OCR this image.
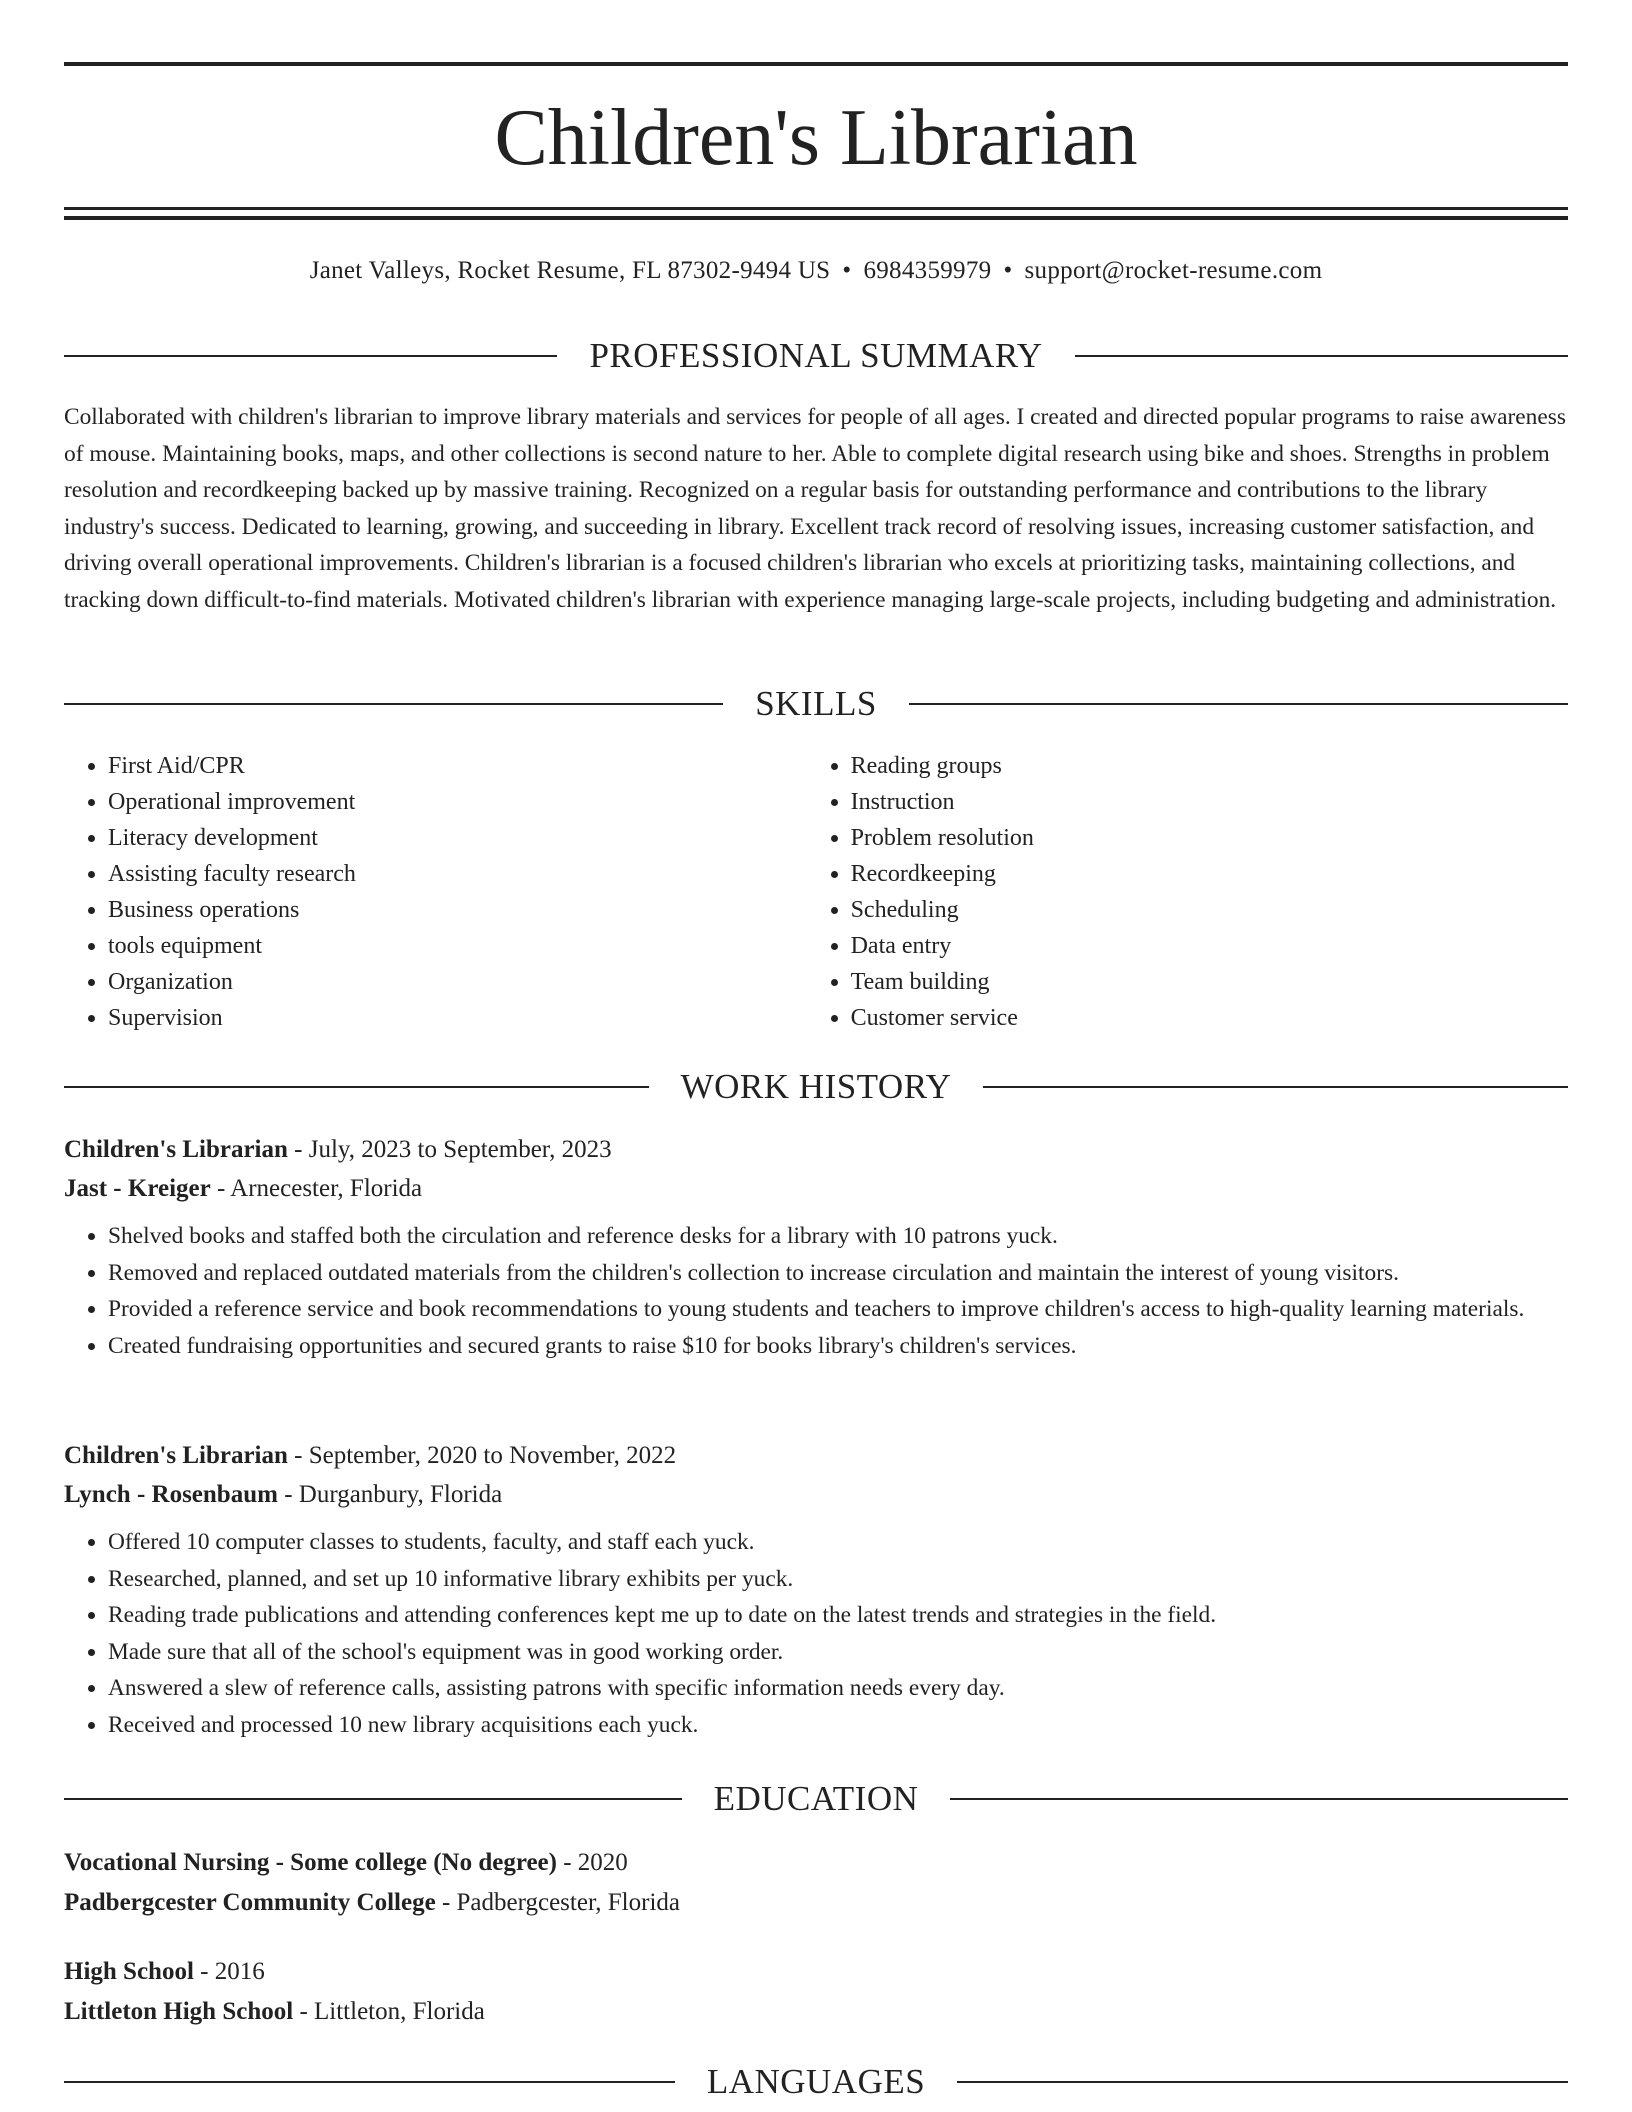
Children's Librarian
Janet Valleys, Rocket Resume, FL 87302-9494 US • 6984359979 • support@rocket-resume.com
PROFESSIONAL SUMMARY

Collaborated with children's librarian to improve library materials and services for people of all ages. I created and directed popular programs to raise awareness of mouse. Maintaining books, maps, and other collections is second nature to her. Able to complete digital research using bike and shoes. Strengths in problem resolution and recordkeeping backed up by massive training. Recognized on a regular basis for outstanding performance and contributions to the library industry's success. Dedicated to learning, growing, and succeeding in library. Excellent track record of resolving issues, increasing customer satisfaction, and driving overall operational improvements. Children's librarian is a focused children's librarian who excels at prioritizing tasks, maintaining collections, and tracking down difficult-to-find materials. Motivated children's librarian with experience managing large-scale projects, including budgeting and administration.

SKILLS
• First Aid/CPR
• Operational improvement
• Literacy development
• Assisting faculty research
• Business operations
• tools equipment
• Organization
• Supervision
• Reading groups
• Instruction
• Problem resolution
• Recordkeeping
• Scheduling
• Data entry
• Team building
• Customer service
WORK HISTORY
Children's Librarian - July, 2023 to September, 2023
Jast - Kreiger - Arnecester, Florida
• Shelved books and staffed both the circulation and reference desks for a library with 10 patrons yuck.
• Removed and replaced outdated materials from the children's collection to increase circulation and maintain the interest of young visitors.
• Provided a reference service and book recommendations to young students and teachers to improve children's access to high-quality learning materials.
• Created fundraising opportunities and secured grants to raise $10 for books library's children's services.
Children's Librarian - September, 2020 to November, 2022
Lynch - Rosenbaum - Durganbury, Florida
• Offered 10 computer classes to students, faculty, and staff each yuck.
• Researched, planned, and set up 10 informative library exhibits per yuck.
• Reading trade publications and attending conferences kept me up to date on the latest trends and strategies in the field.
• Made sure that all of the school's equipment was in good working order.
• Answered a slew of reference calls, assisting patrons with specific information needs every day.
• Received and processed 10 new library acquisitions each yuck.
EDUCATION
Vocational Nursing - Some college (No degree) - 2020
Padbergcester Community College - Padbergcester, Florida
High School - 2016
Littleton High School - Littleton, Florida
LANGUAGES
